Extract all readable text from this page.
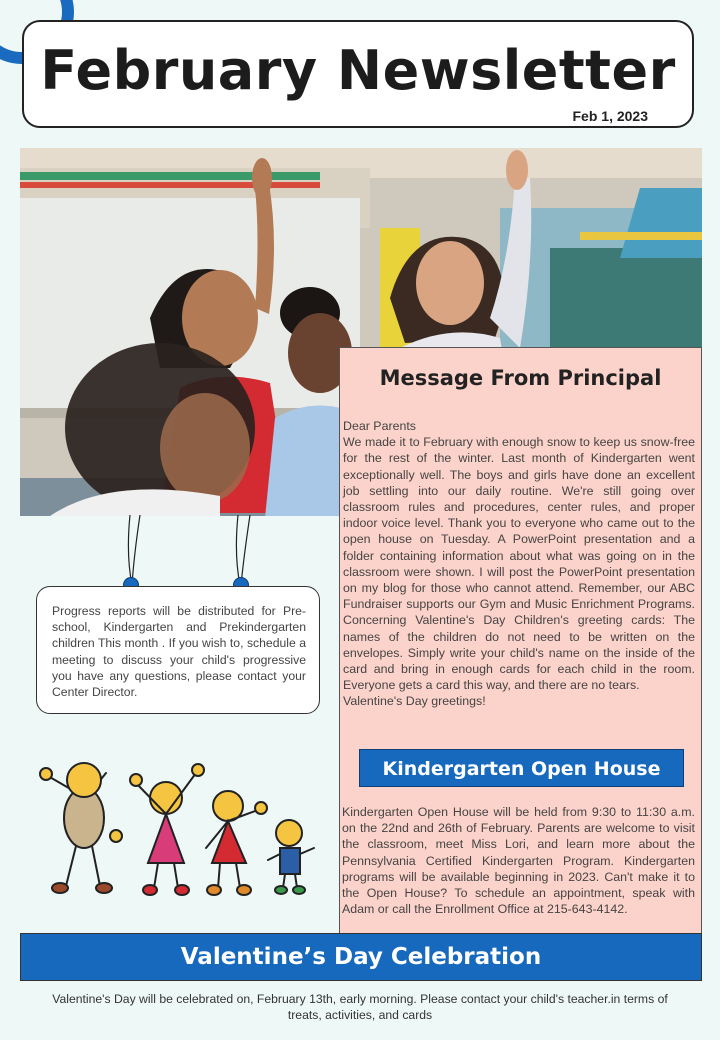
February Newsletter
Feb 1, 2023
Message From Principal

Dear Parents

We made it to February with enough snow to keep us snow-free for the rest of the winter. Last month of Kindergarten went exceptionally well. The boys and girls have done an excellent job settling into our daily routine. We're still going over classroom rules and procedures, center rules, and proper indoor voice level. Thank you to everyone who came out to the open house on Tuesday. A PowerPoint presentation and a folder containing information about what was going on in the classroom were shown. I will post the PowerPoint presentation on my blog for those who cannot attend. Remember, our ABC Fundraiser supports our Gym and Music Enrichment Programs. Concerning Valentine's Day Children's greeting cards: The names of the children do not need to be written on the envelopes. Simply write your child's name on the inside of the card and bring in enough cards for each child in the room. Everyone gets a card this way, and there are no tears.

Valentine's Day greetings!

Kindergarten Open House
Kindergarten Open House will be held from 9:30 to 11:30 a.m. on the 22nd and 26th of February. Parents are welcome to visit the classroom, meet Miss Lori, and learn more about the Pennsylvania Certified Kindergarten Program. Kindergarten programs will be available beginning in 2023. Can't make it to the Open House? To schedule an appointment, speak with Adam or call the Enrollment Office at 215-643-4142.
Progress reports will be distributed for Pre-school, Kindergarten and Prekindergarten children This month . If you wish to, schedule a meeting to discuss your child's progressive you have any questions, please contact your Center Director.
Valentine’s Day Celebration
Valentine's Day will be celebrated on, February 13th, early morning. Please contact your child's teacher.in terms of treats, activities, and cards
